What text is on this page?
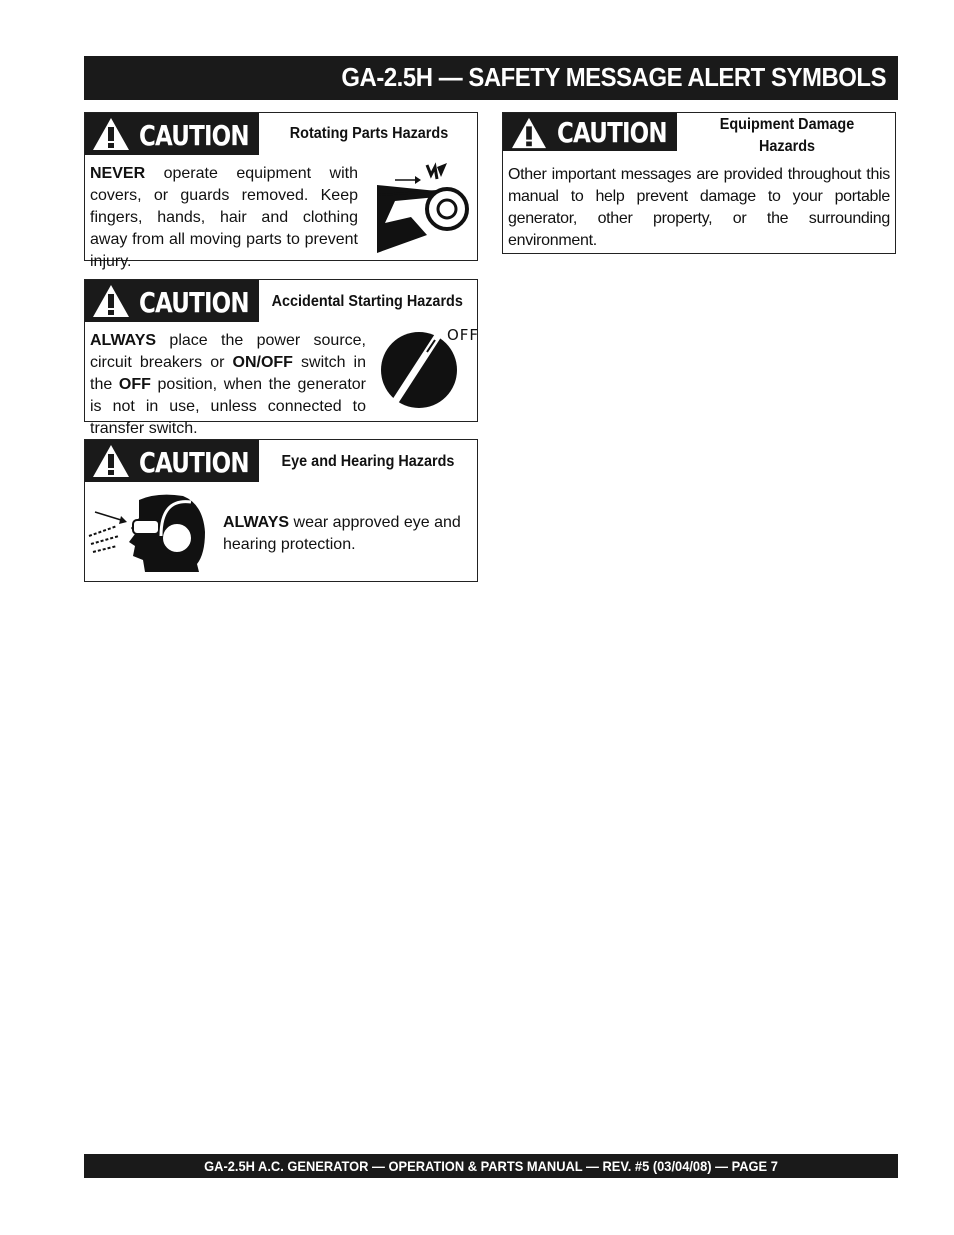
GA-2.5H — SAFETY MESSAGE ALERT SYMBOLS
CAUTION	Rotating Parts Hazards
NEVER operate equipment with covers, or guards removed. Keep fingers, hands, hair and clothing away from all moving parts to prevent injury.
CAUTION Accidental Starting Hazards
ALWAYS place the power source, circuit breakers or ON/OFF switch in the OFF position, when the generator is not in use, unless connected to transfer switch.
OFF
CAUTION	Eye and Hearing Hazards
ALWAYS wear approved eye and hearing protection.
CAUTION	Equipment Damage
Hazards
Other important messages are provided throughout this manual to help prevent damage to your portable generator, other property, or the surrounding environment.
GA-2.5H A.C. GENERATOR — OPERATION & PARTS MANUAL — REV. #5 (03/04/08) — PAGE 7
